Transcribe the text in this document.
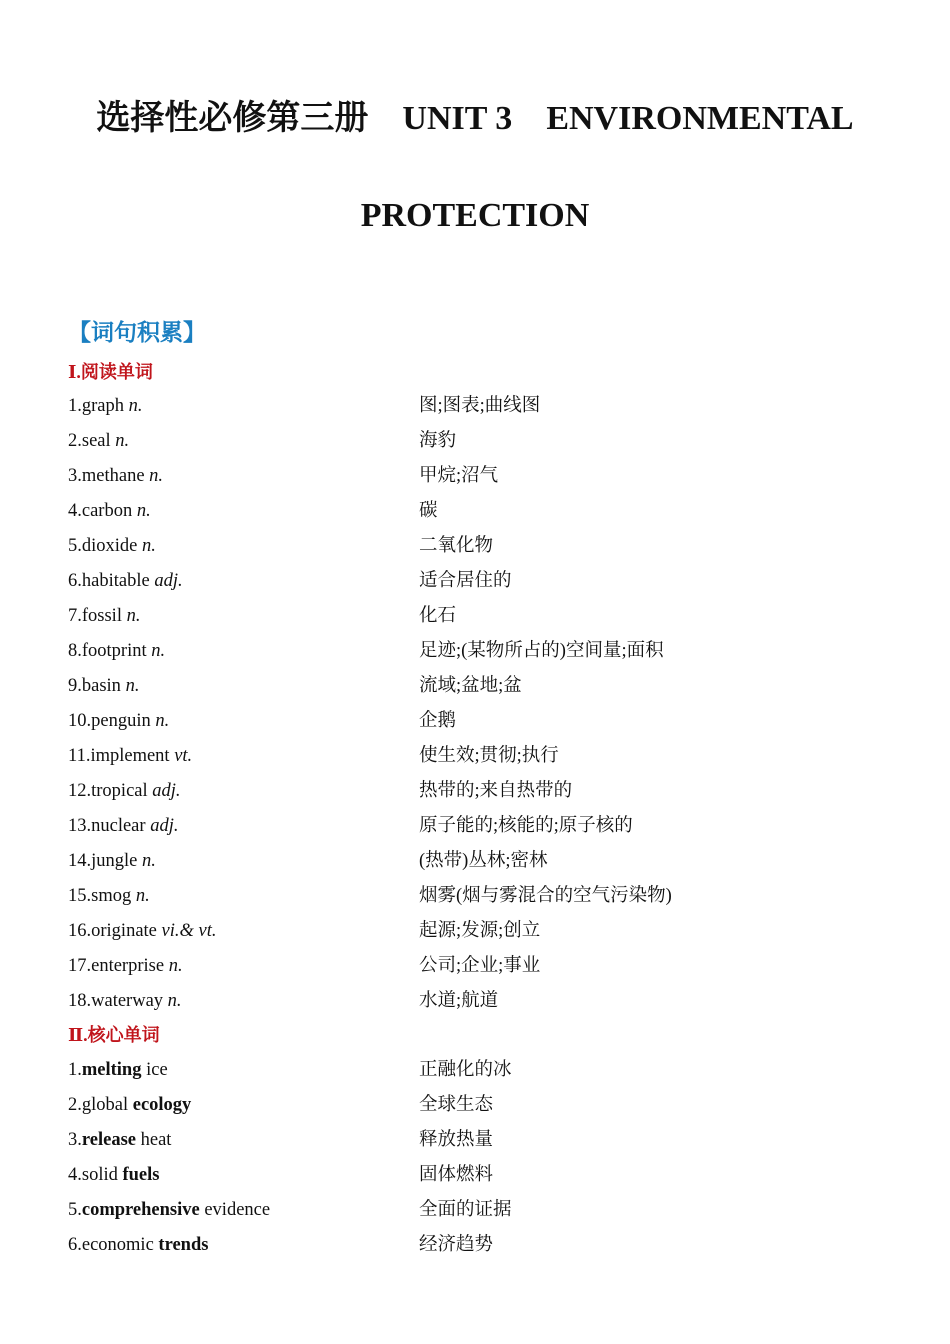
选择性必修第三册 UNIT 3 ENVIRONMENTAL
PROTECTION
【词句积累】
Ⅰ.阅读单词
1.graph n.	图;图表;曲线图
2.seal n.	海豹
3.methane n.	甲烷;沼气
4.carbon n.	碳
5.dioxide n.	二氧化物
6.habitable adj.	适合居住的
7.fossil n.	化石
8.footprint n.	足迹;(某物所占的)空间量;面积
9.basin n.	流域;盆地;盆
10.penguin n.	企鹅
11.implement vt.	使生效;贯彻;执行
12.tropical adj.	热带的;来自热带的
13.nuclear adj.	原子能的;核能的;原子核的
14.jungle n.	(热带)丛林;密林
15.smog n.	烟雾(烟与雾混合的空气污染物)
16.originate vi.& vt.	起源;发源;创立
17.enterprise n.	公司;企业;事业
18.waterway n.	水道;航道
Ⅱ.核心单词
1.melting ice	正融化的冰
2.global ecology	全球生态
3.release heat	释放热量
4.solid fuels	固体燃料
5.comprehensive evidence	全面的证据
6.economic trends	经济趋势
